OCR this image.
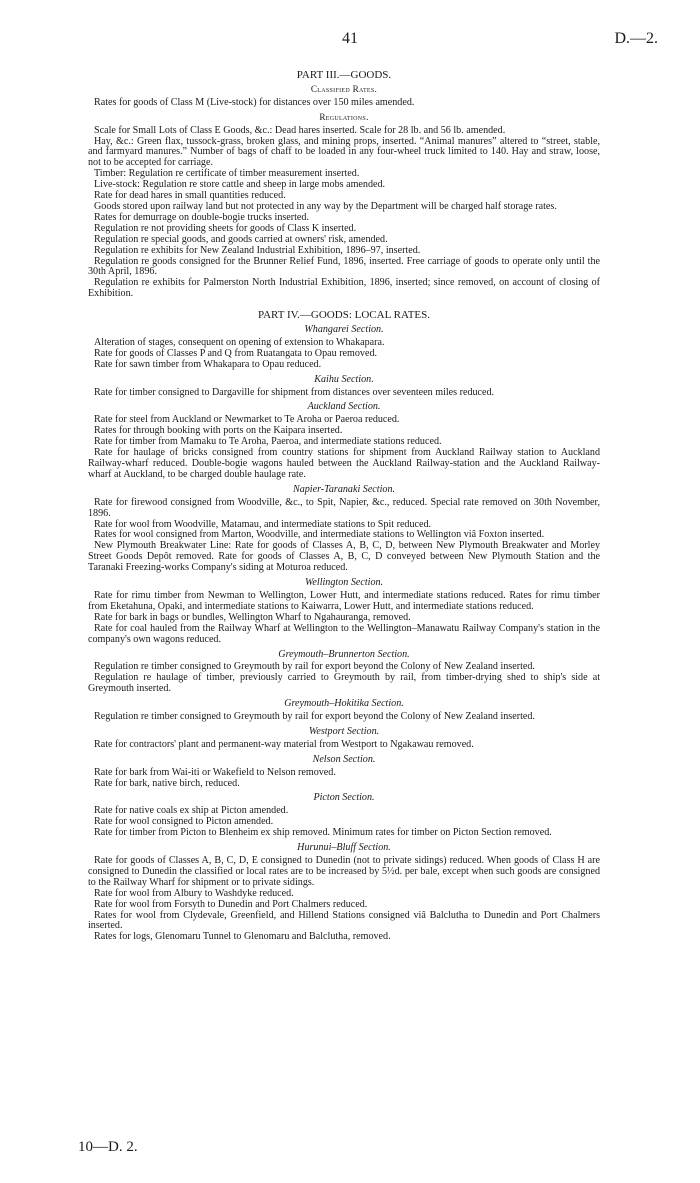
41	D.—2.
PART III.—GOODS.
Classified Rates.
Rates for goods of Class M (Live-stock) for distances over 150 miles amended.
Regulations.
Scale for Small Lots of Class E Goods, &c.: Dead hares inserted. Scale for 28 lb. and 56 lb. amended.
Hay, &c.: Green flax, tussock-grass, broken glass, and mining props, inserted. “Animal manures” altered to “street, stable, and farmyard manures.” Number of bags of chaff to be loaded in any four-wheel truck limited to 140. Hay and straw, loose, not to be accepted for carriage.
Timber: Regulation re certificate of timber measurement inserted.
Live-stock: Regulation re store cattle and sheep in large mobs amended.
Rate for dead hares in small quantities reduced.
Goods stored upon railway land but not protected in any way by the Department will be charged half storage rates.
Rates for demurrage on double-bogie trucks inserted.
Regulation re not providing sheets for goods of Class K inserted.
Regulation re special goods, and goods carried at owners' risk, amended.
Regulation re exhibits for New Zealand Industrial Exhibition, 1896–97, inserted.
Regulation re goods consigned for the Brunner Relief Fund, 1896, inserted. Free carriage of goods to operate only until the 30th April, 1896.
Regulation re exhibits for Palmerston North Industrial Exhibition, 1896, inserted; since removed, on account of closing of Exhibition.
PART IV.—GOODS: LOCAL RATES.
Whangarei Section.
Alteration of stages, consequent on opening of extension to Whakapara.
Rate for goods of Classes P and Q from Ruatangata to Opau removed.
Rate for sawn timber from Whakapara to Opau reduced.
Kaihu Section.
Rate for timber consigned to Dargaville for shipment from distances over seventeen miles reduced.
Auckland Section.
Rate for steel from Auckland or Newmarket to Te Aroha or Paeroa reduced.
Rates for through booking with ports on the Kaipara inserted.
Rate for timber from Mamaku to Te Aroha, Paeroa, and intermediate stations reduced.
Rate for haulage of bricks consigned from country stations for shipment from Auckland Railway station to Auckland Railway-wharf reduced. Double-bogie wagons hauled between the Auckland Railway-station and the Auckland Railway-wharf at Auckland, to be charged double haulage rate.
Napier-Taranaki Section.
Rate for firewood consigned from Woodville, &c., to Spit, Napier, &c., reduced. Special rate removed on 30th November, 1896.
Rate for wool from Woodville, Matamau, and intermediate stations to Spit reduced.
Rates for wool consigned from Marton, Woodville, and intermediate stations to Wellington viâ Foxton inserted.
New Plymouth Breakwater Line: Rate for goods of Classes A, B, C, D, between New Plymouth Breakwater and Morley Street Goods Depôt removed. Rate for goods of Classes A, B, C, D conveyed between New Plymouth Station and the Taranaki Freezing-works Company's siding at Moturoa reduced.
Wellington Section.
Rate for rimu timber from Newman to Wellington, Lower Hutt, and intermediate stations reduced. Rates for rimu timber from Eketahuna, Opaki, and intermediate stations to Kaiwarra, Lower Hutt, and intermediate stations reduced.
Rate for bark in bags or bundles, Wellington Wharf to Ngahauranga, removed.
Rate for coal hauled from the Railway Wharf at Wellington to the Wellington–Manawatu Railway Company's station in the company's own wagons reduced.
Greymouth–Brunnerton Section.
Regulation re timber consigned to Greymouth by rail for export beyond the Colony of New Zealand inserted.
Regulation re haulage of timber, previously carried to Greymouth by rail, from timber-drying shed to ship's side at Greymouth inserted.
Greymouth–Hokitika Section.
Regulation re timber consigned to Greymouth by rail for export beyond the Colony of New Zealand inserted.
Westport Section.
Rate for contractors' plant and permanent-way material from Westport to Ngakawau removed.
Nelson Section.
Rate for bark from Wai-iti or Wakefield to Nelson removed.
Rate for bark, native birch, reduced.
Picton Section.
Rate for native coals ex ship at Picton amended.
Rate for wool consigned to Picton amended.
Rate for timber from Picton to Blenheim ex ship removed. Minimum rates for timber on Picton Section removed.
Hurunui–Bluff Section.
Rate for goods of Classes A, B, C, D, E consigned to Dunedin (not to private sidings) reduced. When goods of Class H are consigned to Dunedin the classified or local rates are to be increased by 5½d. per bale, except when such goods are consigned to the Railway Wharf for shipment or to private sidings.
Rate for wool from Albury to Washdyke reduced.
Rate for wool from Forsyth to Dunedin and Port Chalmers reduced.
Rates for wool from Clydevale, Greenfield, and Hillend Stations consigned viâ Balclutha to Dunedin and Port Chalmers inserted.
Rates for logs, Glenomaru Tunnel to Glenomaru and Balclutha, removed.
10—D. 2.
